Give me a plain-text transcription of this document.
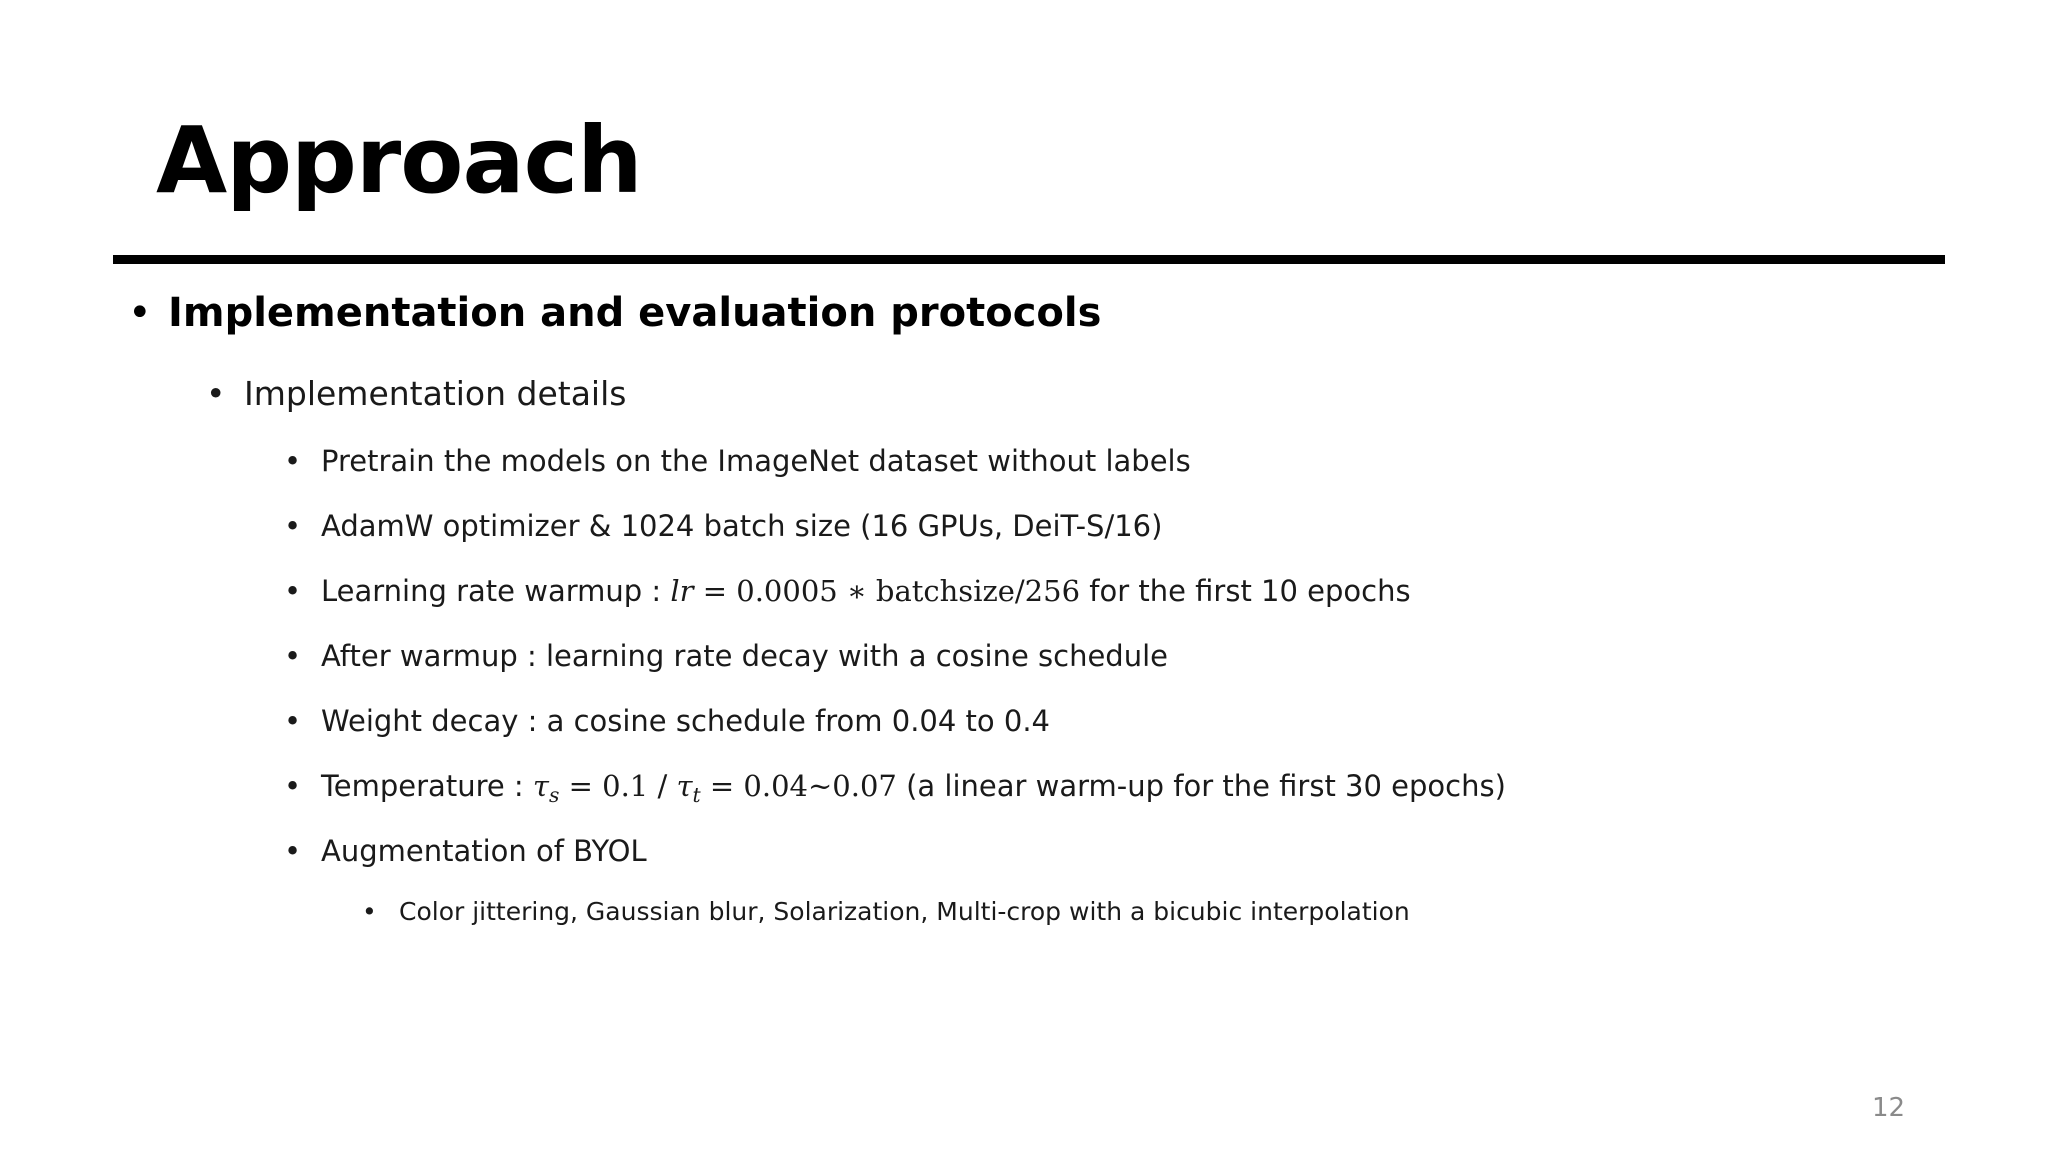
Approach
• Implementation and evaluation protocols
• Implementation details
• Pretrain the models on the ImageNet dataset without labels
• AdamW optimizer & 1024 batch size (16 GPUs, DeiT-S/16)
• Learning rate warmup : lr = 0.0005 ∗ batchsize/256 for the first 10 epochs
• After warmup : learning rate decay with a cosine schedule
• Weight decay : a cosine schedule from 0.04 to 0.4
• Temperature : $\tau_s = 0.1 / \tau_t$ = 0.04~0.07 (a linear warm-up for the first 30 epochs)
• Augmentation of BYOL
• Color jittering, Gaussian blur, Solarization, Multi-crop with a bicubic interpolation
12
